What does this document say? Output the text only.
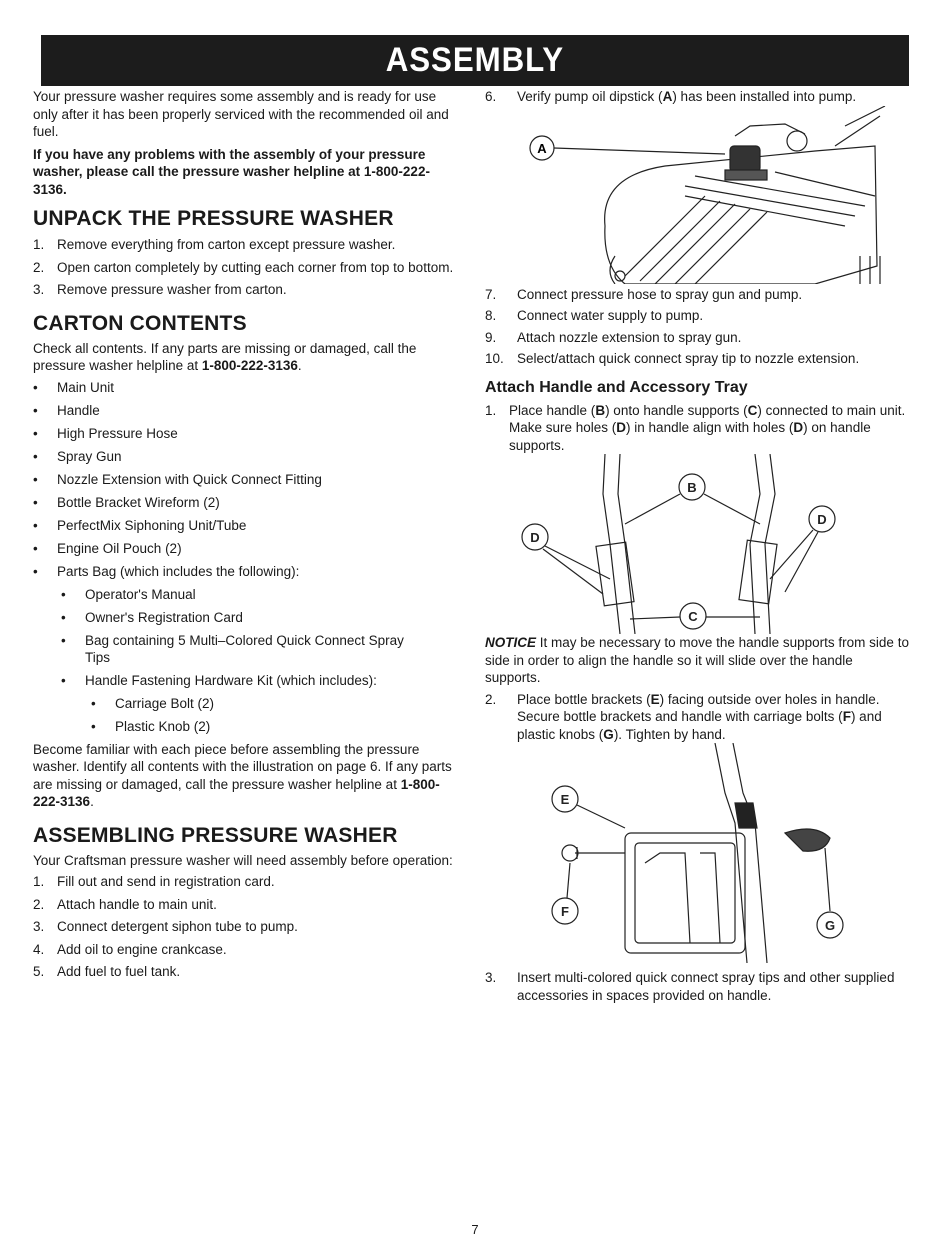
ASSEMBLY

Your pressure washer requires some assembly and is ready for use only after it has been properly serviced with the recommended oil and fuel.

If you have any problems with the assembly of your pressure washer, please call the pressure washer helpline at 1-800-222-3136.

UNPACK THE PRESSURE WASHER
1. Remove everything from carton except pressure washer.
2. Open carton completely by cutting each corner from top to bottom.
3. Remove pressure washer from carton.
CARTON CONTENTS

Check all contents. If any parts are missing or damaged, call the pressure washer helpline at 1-800-222-3136.

•	Main Unit
•	Handle
•	High Pressure Hose
•	Spray Gun
•	Nozzle Extension with Quick Connect Fitting
•	Bottle Bracket Wireform (2)
•	PerfectMix Siphoning Unit/Tube
•	Engine Oil Pouch (2)
•	Parts Bag (which includes the following):
•	Operator's Manual
•	Owner's Registration Card
•	Bag containing 5 Multi–Colored Quick Connect Spray Tips
•	Handle Fastening Hardware Kit (which includes):
•	Carriage Bolt (2)
•	Plastic Knob (2)

Become familiar with each piece before assembling the pressure washer. Identify all contents with the illustration on page 6. If any parts are missing or damaged, call the pressure washer helpline at 1-800-222-3136.

ASSEMBLING PRESSURE WASHER

Your Craftsman pressure washer will need assembly before operation:

1. Fill out and send in registration card.
2. Attach handle to main unit.
3. Connect detergent siphon tube to pump.
4. Add oil to engine crankcase.
5. Add fuel to fuel tank.
6.	Verify pump oil dipstick (A) has been installed into pump.
A
7.	Connect pressure hose to spray gun and pump.
8.	Connect water supply to pump.
9.	Attach nozzle extension to spray gun.
10. Select/attach quick connect spray tip to nozzle extension.
Attach Handle and Accessory Tray
1. Place handle (B) onto handle supports (C) connected to main unit. Make sure holes (D) in handle align with holes (D) on handle supports.
B
D
D
C

NOTICE It may be necessary to move the handle supports from side to side in order to align the handle so it will slide over the handle supports.

2.	Place bottle brackets (E) facing outside over holes in handle. Secure bottle brackets and handle with carriage bolts (F) and plastic knobs (G). Tighten by hand.
E
F
G
3.	Insert multi-colored quick connect spray tips and other supplied accessories in spaces provided on handle.
7
